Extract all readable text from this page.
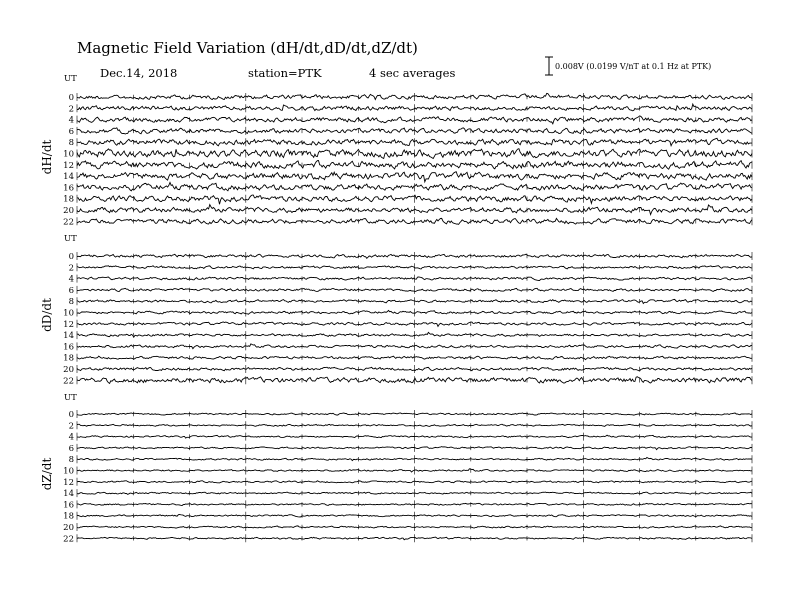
Magnetic Field Variation (dH/dt,dD/dt,dZ/dt)
Dec.14, 2018	station=PTK	4 sec averages	0.008V (0.0199 V/nT at 0.1 Hz at PTK)
UT
dH/dt
0
2
4
6
8
10
12
14
16
18
20
22
UT
dD/dt
0
2
4
6
8
10
12
14
16
18
20
22
UT
dZ/dt
0
2
4
6
8
10
12
14
16
18
20
22
